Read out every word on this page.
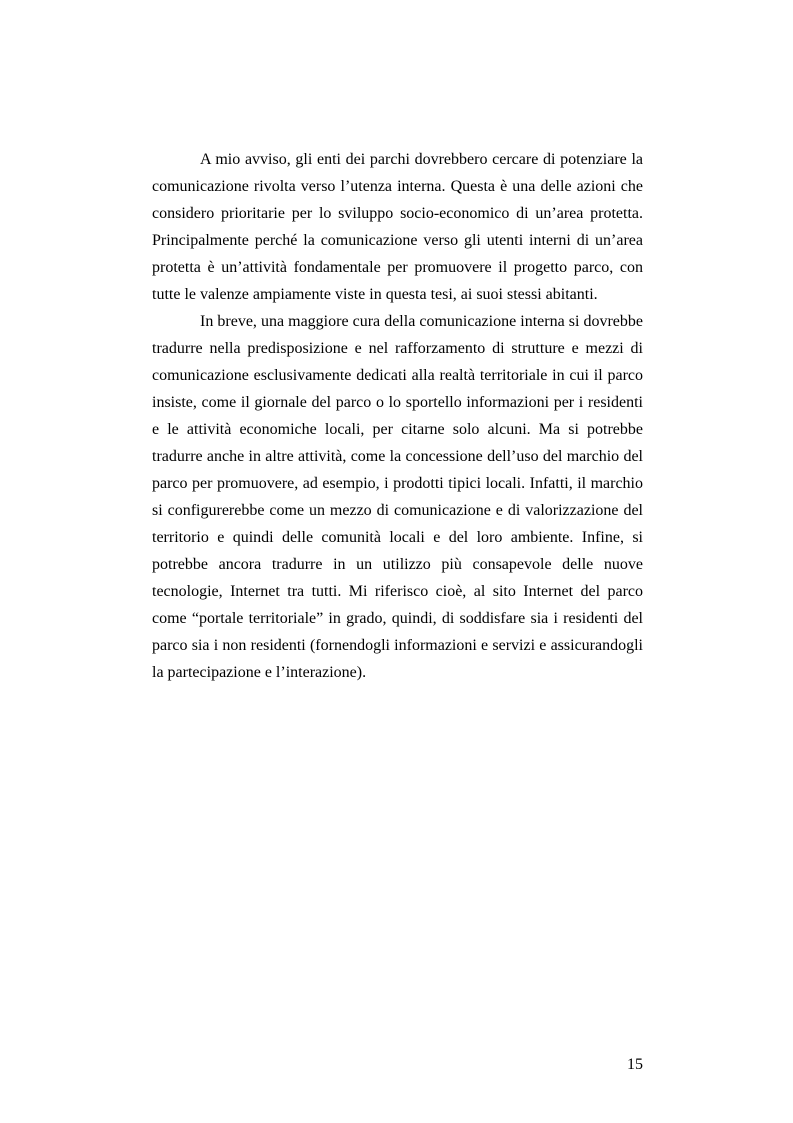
A mio avviso, gli enti dei parchi dovrebbero cercare di potenziare la comunicazione rivolta verso l’utenza interna. Questa è una delle azioni che considero prioritarie per lo sviluppo socio-economico di un’area protetta. Principalmente perché la comunicazione verso gli utenti interni di un’area protetta è un’attività fondamentale per promuovere il progetto parco, con tutte le valenze ampiamente viste in questa tesi, ai suoi stessi abitanti.

In breve, una maggiore cura della comunicazione interna si dovrebbe tradurre nella predisposizione e nel rafforzamento di strutture e mezzi di comunicazione esclusivamente dedicati alla realtà territoriale in cui il parco insiste, come il giornale del parco o lo sportello informazioni per i residenti e le attività economiche locali, per citarne solo alcuni. Ma si potrebbe tradurre anche in altre attività, come la concessione dell’uso del marchio del parco per promuovere, ad esempio, i prodotti tipici locali. Infatti, il marchio si configurerebbe come un mezzo di comunicazione e di valorizzazione del territorio e quindi delle comunità locali e del loro ambiente. Infine, si potrebbe ancora tradurre in un utilizzo più consapevole delle nuove tecnologie, Internet tra tutti. Mi riferisco cioè, al sito Internet del parco come “portale territoriale” in grado, quindi, di soddisfare sia i residenti del parco sia i non residenti (fornendogli informazioni e servizi e assicurandogli la partecipazione e l’interazione).

15
